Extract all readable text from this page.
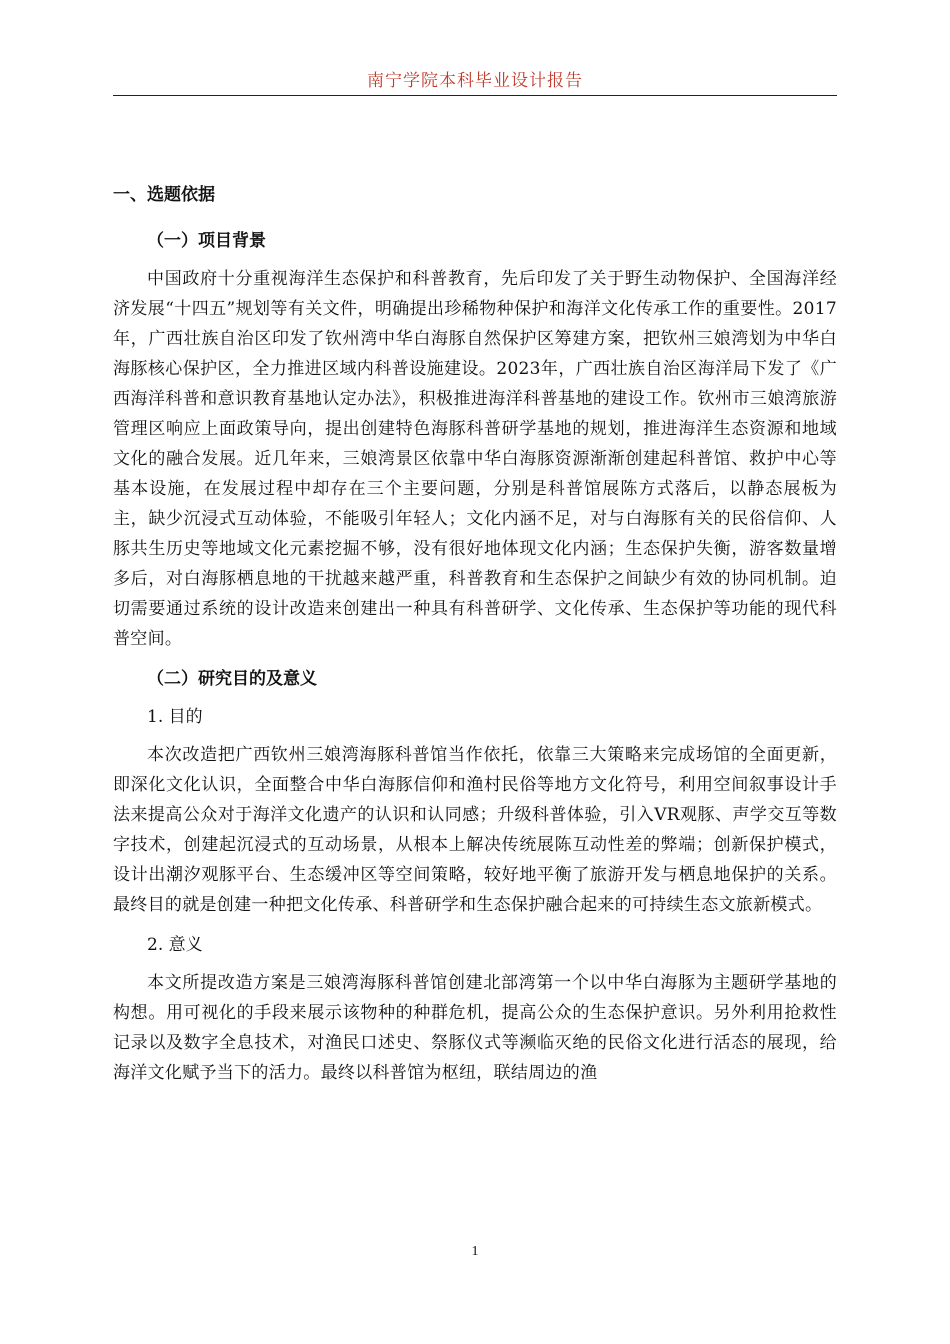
南宁学院本科毕业设计报告
一、选题依据
（一）项目背景

中国政府十分重视海洋生态保护和科普教育，先后印发了关于野生动物保护、全国海洋经济发展“十四五”规划等有关文件，明确提出珍稀物种保护和海洋文化传承工作的重要性。2017年，广西壮族自治区印发了钦州湾中华白海豚自然保护区筹建方案，把钦州三娘湾划为中华白海豚核心保护区，全力推进区域内科普设施建设。2023年，广西壮族自治区海洋局下发了《广西海洋科普和意识教育基地认定办法》，积极推进海洋科普基地的建设工作。钦州市三娘湾旅游管理区响应上面政策导向，提出创建特色海豚科普研学基地的规划，推进海洋生态资源和地域文化的融合发展。近几年来，三娘湾景区依靠中华白海豚资源渐渐创建起科普馆、救护中心等基本设施，在发展过程中却存在三个主要问题，分别是科普馆展陈方式落后，以静态展板为主，缺少沉浸式互动体验，不能吸引年轻人；文化内涵不足，对与白海豚有关的民俗信仰、人豚共生历史等地域文化元素挖掘不够，没有很好地体现文化内涵；生态保护失衡，游客数量增多后，对白海豚栖息地的干扰越来越严重，科普教育和生态保护之间缺少有效的协同机制。迫切需要通过系统的设计改造来创建出一种具有科普研学、文化传承、生态保护等功能的现代科普空间。

（二）研究目的及意义
1. 目的

本次改造把广西钦州三娘湾海豚科普馆当作依托，依靠三大策略来完成场馆的全面更新，即深化文化认识，全面整合中华白海豚信仰和渔村民俗等地方文化符号，利用空间叙事设计手法来提高公众对于海洋文化遗产的认识和认同感；升级科普体验，引入VR观豚、声学交互等数字技术，创建起沉浸式的互动场景，从根本上解决传统展陈互动性差的弊端；创新保护模式，设计出潮汐观豚平台、生态缓冲区等空间策略，较好地平衡了旅游开发与栖息地保护的关系。最终目的就是创建一种把文化传承、科普研学和生态保护融合起来的可持续生态文旅新模式。

2. 意义

本文所提改造方案是三娘湾海豚科普馆创建北部湾第一个以中华白海豚为主题研学基地的构想。用可视化的手段来展示该物种的种群危机，提高公众的生态保护意识。另外利用抢救性记录以及数字全息技术，对渔民口述史、祭豚仪式等濒临灭绝的民俗文化进行活态的展现，给海洋文化赋予当下的活力。最终以科普馆为枢纽，联结周边的渔

1
